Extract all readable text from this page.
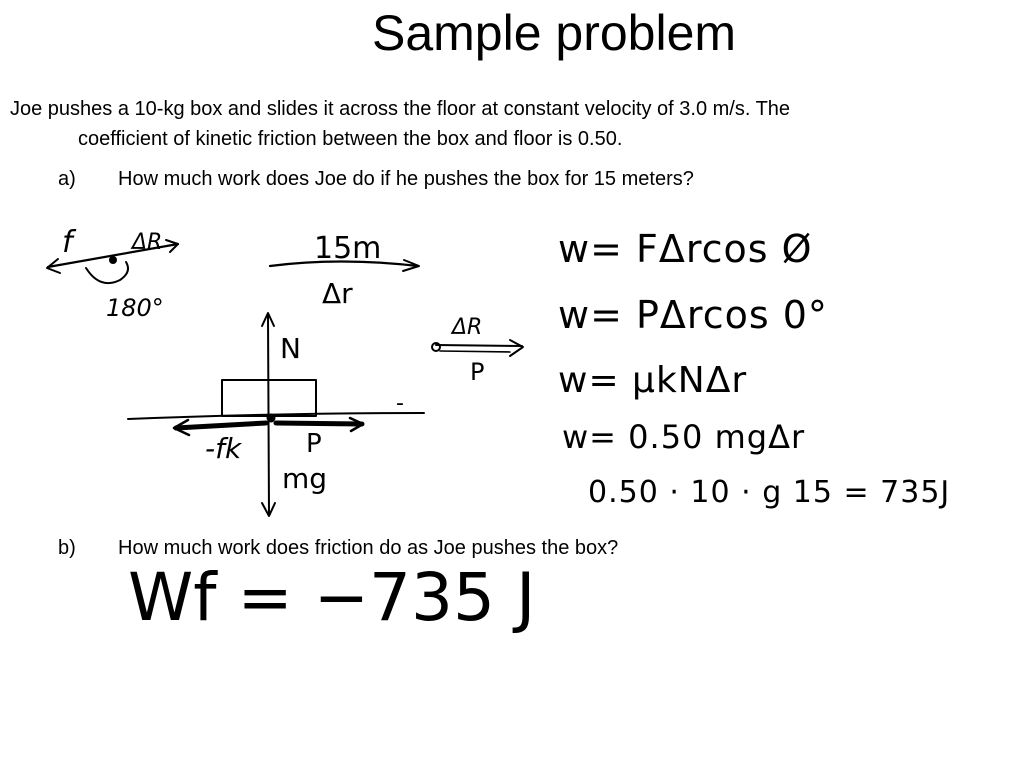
Sample problem

Joe pushes a 10-kg box and slides it across the floor at constant velocity of 3.0 m/s. The
coefficient of kinetic friction between the box and floor is 0.50.

a) How much work does Joe do if he pushes the box for 15 meters?
b) How much work does friction do as Joe pushes the box?
f	ΔR
180°
15m
Δr
N
-fk P
mg
-
ΔR
P
w= FΔrcos Ø
w= PΔrcos 0°
w= μkNΔr
w= 0.50 mgΔr
0.50 · 10 · g 15 = 735J
Wf = −735 J
